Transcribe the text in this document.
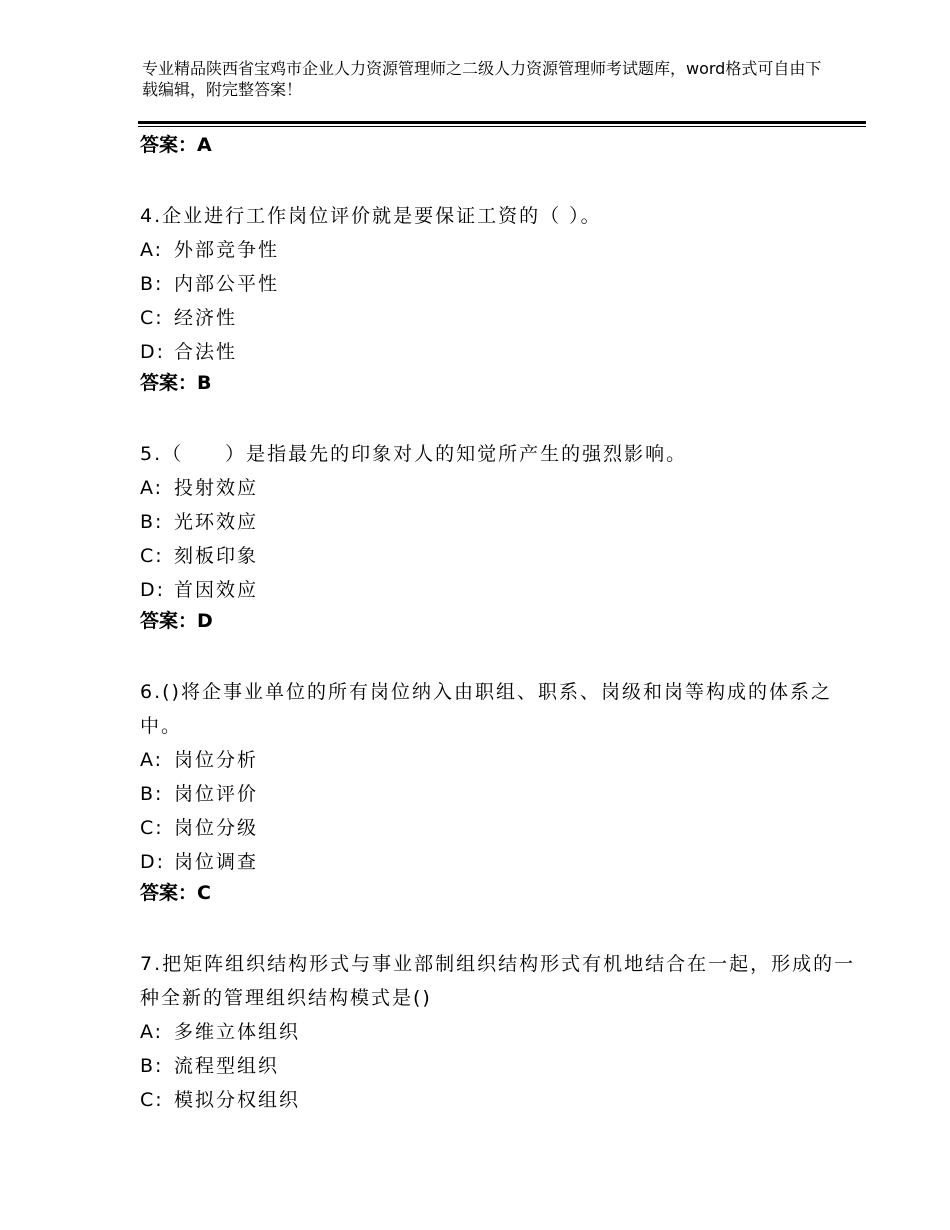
专业精品陕西省宝鸡市企业人力资源管理师之二级人力资源管理师考试题库，word格式可自由下载编辑，附完整答案！

答案：A

4.企业进行工作岗位评价就是要保证工资的（ ）。

A: 外部竞争性

B: 内部公平性

C: 经济性

D: 合法性

答案：B

5.（　　）是指最先的印象对人的知觉所产生的强烈影响。

A: 投射效应

B: 光环效应

C: 刻板印象

D: 首因效应

答案：D

6.()将企事业单位的所有岗位纳入由职组、职系、岗级和岗等构成的体系之中。

A: 岗位分析

B: 岗位评价

C: 岗位分级

D: 岗位调查

答案：C

7.把矩阵组织结构形式与事业部制组织结构形式有机地结合在一起，形成的一种全新的管理组织结构模式是()

A: 多维立体组织

B: 流程型组织

C: 模拟分权组织
